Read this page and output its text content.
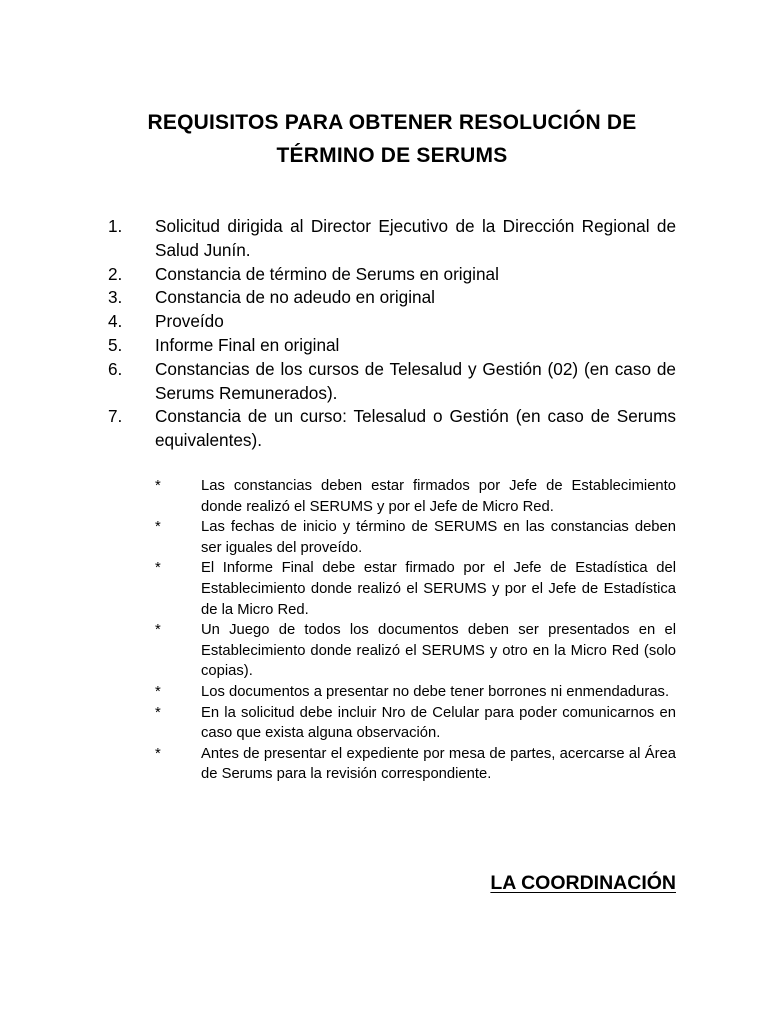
REQUISITOS PARA OBTENER RESOLUCIÓN DE
TÉRMINO DE SERUMS
1. Solicitud dirigida al Director Ejecutivo de la Dirección Regional de Salud Junín.
2. Constancia de término de Serums en original
3. Constancia de no adeudo en original
4. Proveído
5. Informe Final en original
6. Constancias de los cursos de Telesalud y Gestión (02) (en caso de Serums Remunerados).
7. Constancia de un curso: Telesalud o Gestión (en caso de Serums equivalentes).
*	Las constancias deben estar firmados por Jefe de Establecimiento donde realizó el SERUMS y por el Jefe de Micro Red.
*	Las fechas de inicio y término de SERUMS en las constancias deben ser iguales del proveído.
*	El Informe Final debe estar firmado por el Jefe de Estadística del Establecimiento donde realizó el SERUMS y por el Jefe de Estadística de la Micro Red.
*	Un Juego de todos los documentos deben ser presentados en el Establecimiento donde realizó el SERUMS y otro en la Micro Red (solo copias).
*	Los documentos a presentar no debe tener borrones ni enmendaduras.
*	En la solicitud debe incluir Nro de Celular para poder comunicarnos en caso que exista alguna observación.
*	Antes de presentar el expediente por mesa de partes, acercarse al Área de Serums para la revisión correspondiente.
LA COORDINACIÓN
